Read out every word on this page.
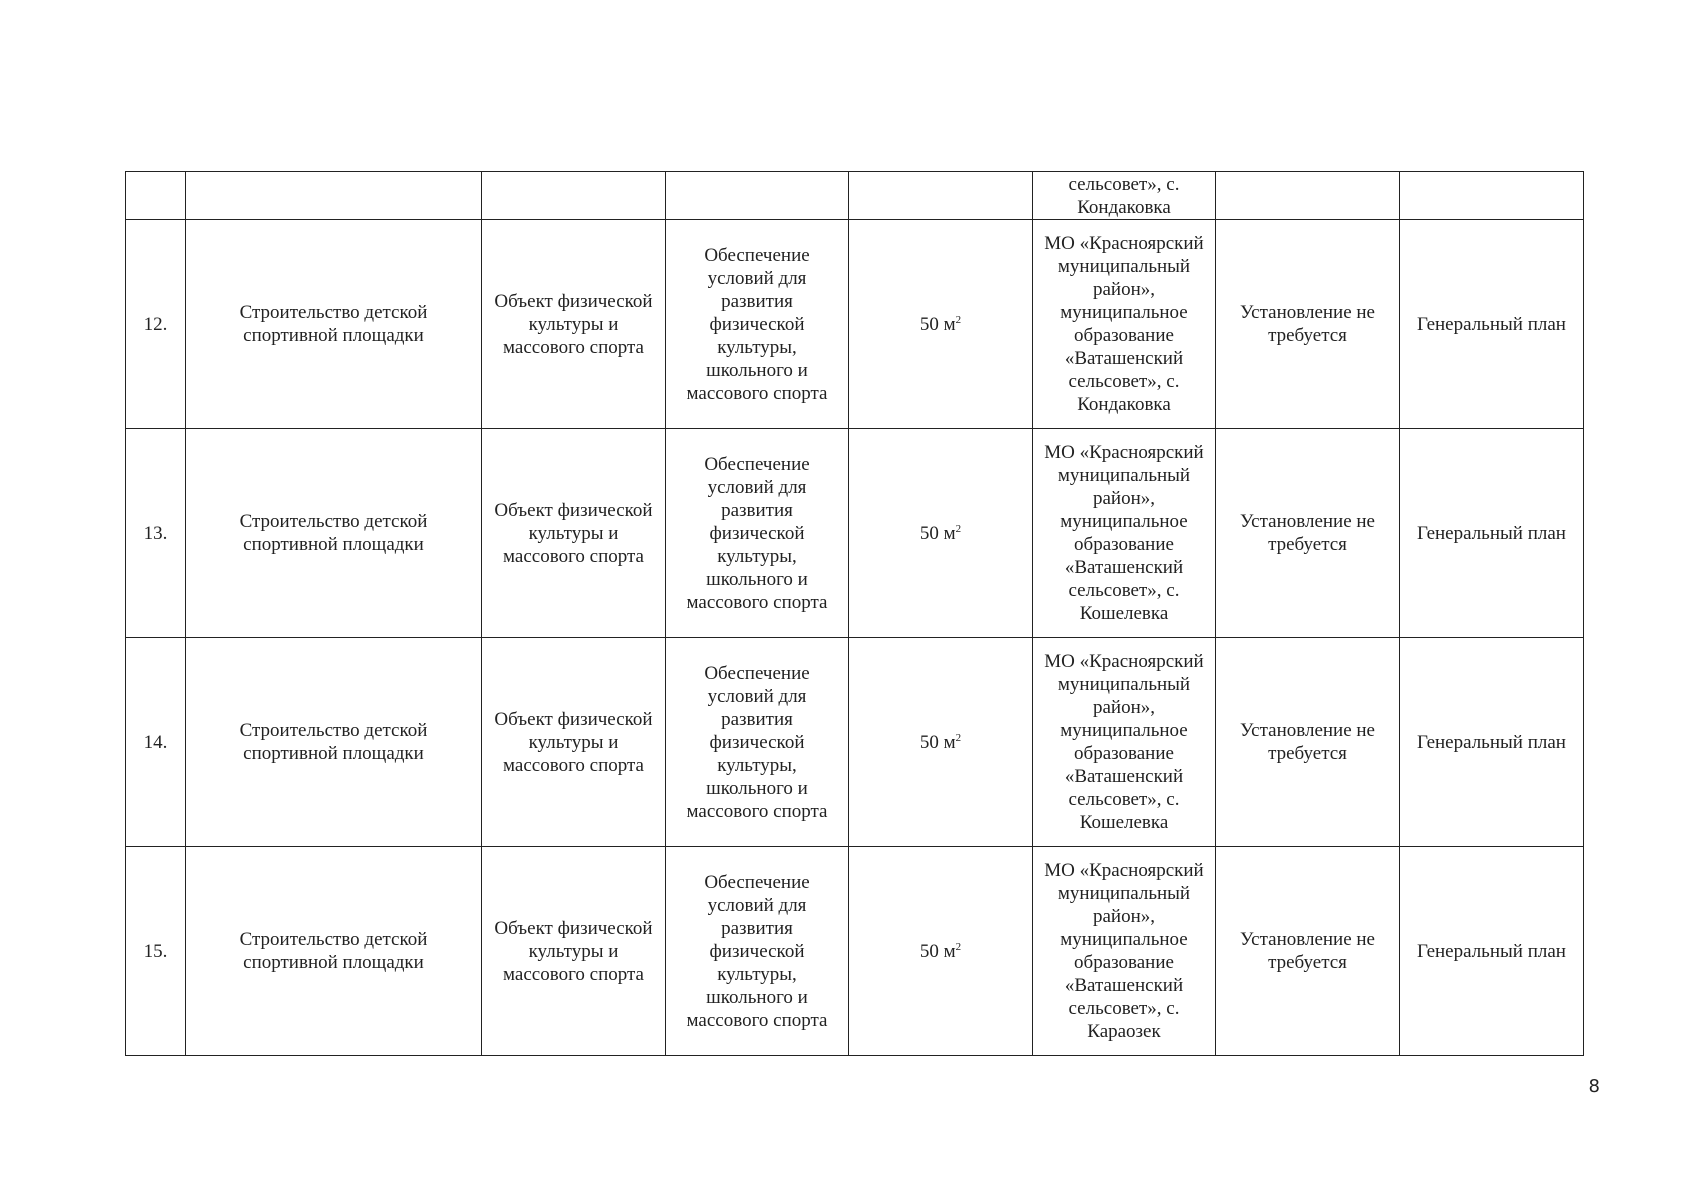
					сельсовет», с. Кондаковка		
12.	Строительство детской спортивной площадки	Объект физической культуры и массового спорта	Обеспечение условий для развития физической культуры, школьного и массового спорта	50 $м^2$	МО «Красноярский муниципальный район», муниципальное образование «Ваташенский сельсовет», с. Кондаковка	Установление не требуется	Генеральный план
13.	Строительство детской спортивной площадки	Объект физической культуры и массового спорта	Обеспечение условий для развития физической культуры, школьного и массового спорта	50 $м^2$	МО «Красноярский муниципальный район», муниципальное образование «Ваташенский сельсовет», с. Кошелевка	Установление не требуется	Генеральный план
14.	Строительство детской спортивной площадки	Объект физической культуры и массового спорта	Обеспечение условий для развития физической культуры, школьного и массового спорта	50 $м^2$	МО «Красноярский муниципальный район», муниципальное образование «Ваташенский сельсовет», с. Кошелевка	Установление не требуется	Генеральный план
15.	Строительство детской спортивной площадки	Объект физической культуры и массового спорта	Обеспечение условий для развития физической культуры, школьного и массового спорта	50 $м^2$	МО «Красноярский муниципальный район», муниципальное образование «Ваташенский сельсовет», с. Караозек	Установление не требуется	Генеральный план
8
